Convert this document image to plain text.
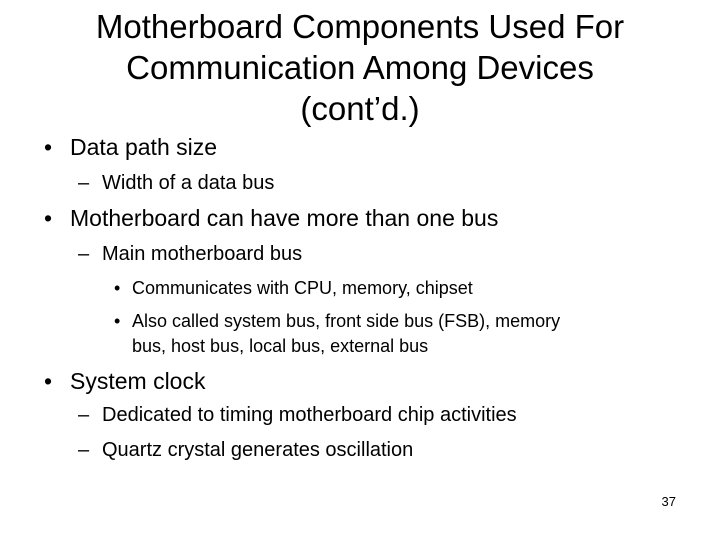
Motherboard Components Used For
Communication Among Devices
(cont’d.)
• Data path size
– Width of a data bus
• Motherboard can have more than one bus
– Main motherboard bus
• Communicates with CPU, memory, chipset
• Also called system bus, front side bus (FSB), memory
bus, host bus, local bus, external bus
• System clock
– Dedicated to timing motherboard chip activities
– Quartz crystal generates oscillation
37
